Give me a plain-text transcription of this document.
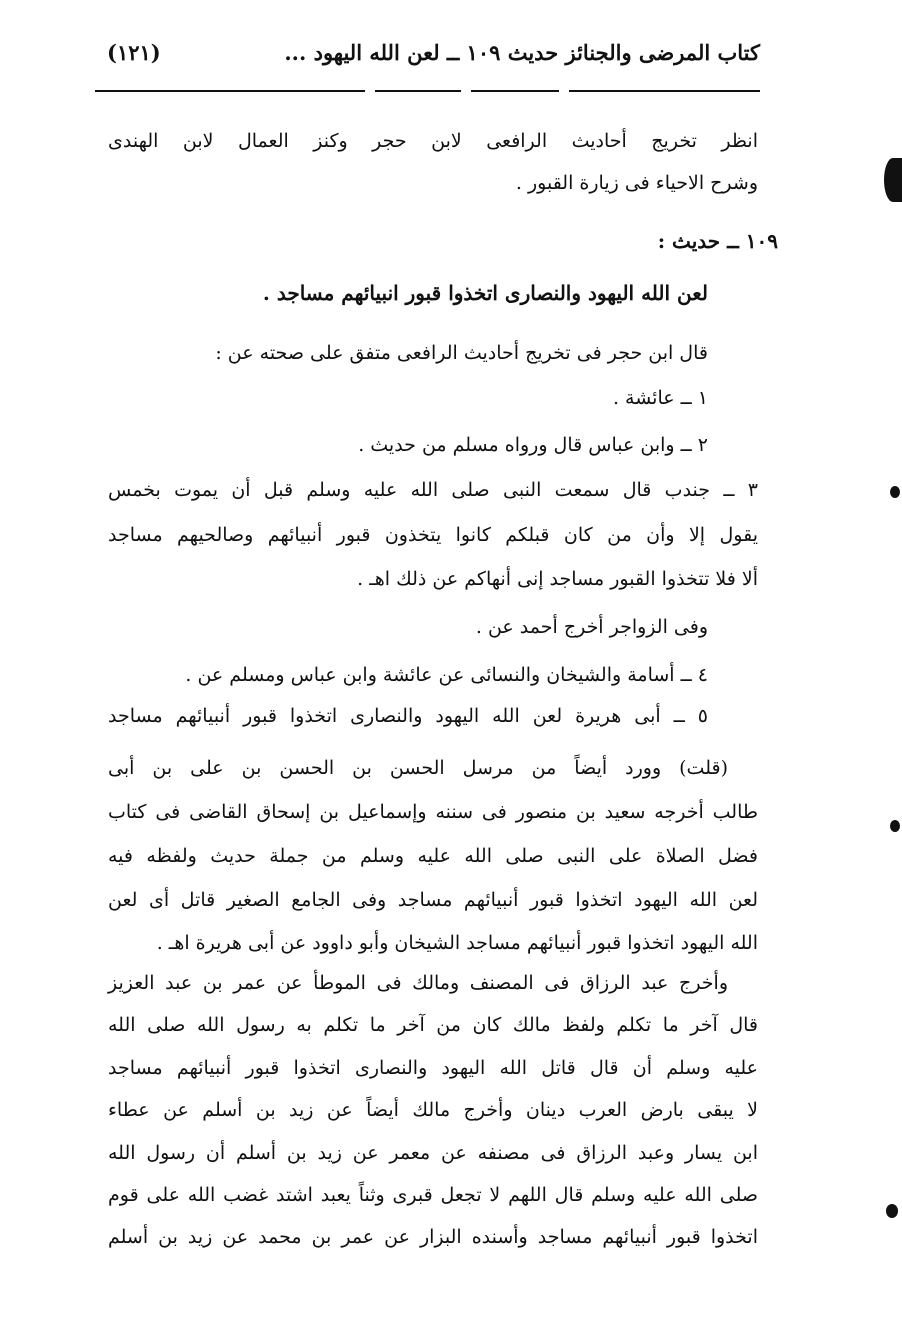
كتاب المرضى والجنائز حديث ١٠٩ ــ لعن الله اليهود ...
(١٢١)
انظر تخريج أحاديث الرافعى لابن حجر وكنز العمال لابن الهندى
وشرح الاحياء فى زيارة القبور .
١٠٩ ــ حديث :
لعن الله اليهود والنصارى اتخذوا قبور انبيائهم مساجد .
قال ابن حجر فى تخريج أحاديث الرافعى متفق على صحته عن :
١ ــ عائشة .
٢ ــ وابن عباس قال ورواه مسلم من حديث .
٣ ــ جندب قال سمعت النبى صلى الله عليه وسلم قبل أن يموت بخمس
يقول إلا وأن من كان قبلكم كانوا يتخذون قبور أنبيائهم وصالحيهم مساجد
ألا فلا تتخذوا القبور مساجد إنى أنهاكم عن ذلك اهـ .
وفى الزواجر أخرج أحمد عن .
٤ ــ أسامة والشيخان والنسائى عن عائشة وابن عباس ومسلم عن .
٥ ــ أبى هريرة لعن الله اليهود والنصارى اتخذوا قبور أنبيائهم مساجد
(قلت) وورد أيضاً من مرسل الحسن بن الحسن بن على بن أبى
طالب أخرجه سعيد بن منصور فى سننه وإسماعيل بن إسحاق القاضى فى كتاب
فضل الصلاة على النبى صلى الله عليه وسلم من جملة حديث ولفظه فيه
لعن الله اليهود اتخذوا قبور أنبيائهم مساجد وفى الجامع الصغير قاتل أى لعن
الله اليهود اتخذوا قبور أنبيائهم مساجد الشيخان وأبو داوود عن أبى هريرة اهـ .
وأخرج عبد الرزاق فى المصنف ومالك فى الموطأ عن عمر بن عبد العزيز
قال آخر ما تكلم ولفظ مالك كان من آخر ما تكلم به رسول الله صلى الله
عليه وسلم أن قال قاتل الله اليهود والنصارى اتخذوا قبور أنبيائهم مساجد
لا يبقى بارض العرب دينان وأخرج مالك أيضاً عن زيد بن أسلم عن عطاء
ابن يسار وعبد الرزاق فى مصنفه عن معمر عن زيد بن أسلم أن رسول الله
صلى الله عليه وسلم قال اللهم لا تجعل قبرى وثناً يعبد اشتد غضب الله على قوم
اتخذوا قبور أنبيائهم مساجد وأسنده البزار عن عمر بن محمد عن زيد بن أسلم
